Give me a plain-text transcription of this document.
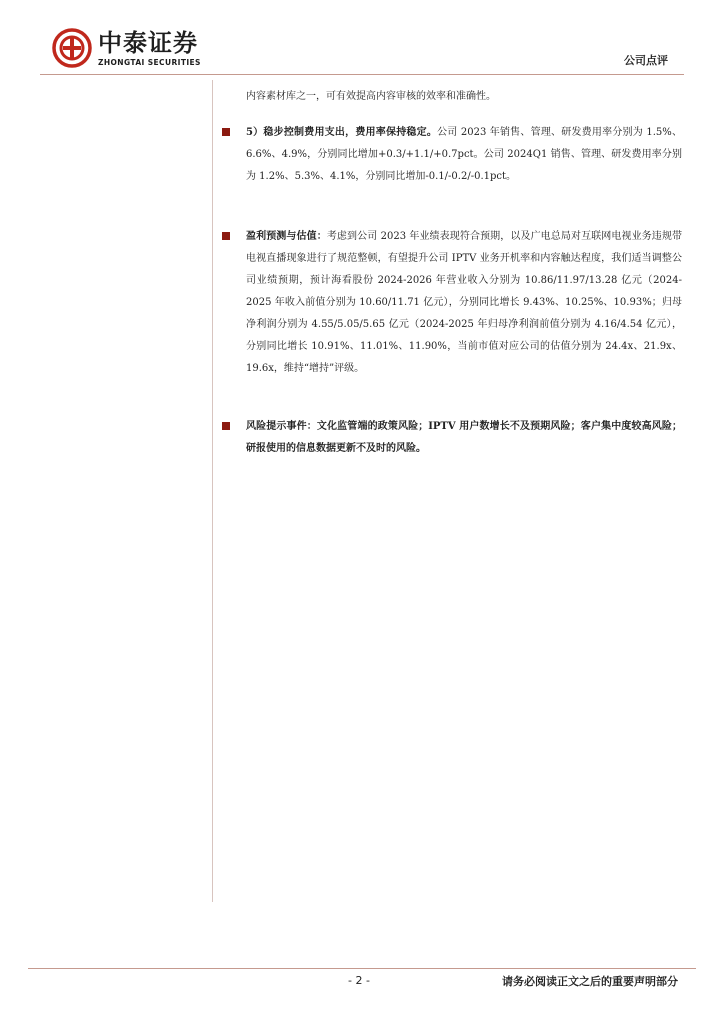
中泰证券
ZHONGTAI SECURITIES	公司点评

内容素材库之一，可有效提高内容审核的效率和准确性。

5）稳步控制费用支出，费用率保持稳定。公司 2023 年销售、管理、研发费用率分别为 1.5%、6.6%、4.9%，分别同比增加+0.3/+1.1/+0.7pct。公司 2024Q1 销售、管理、研发费用率分别为 1.2%、5.3%、4.1%，分别同比增加-0.1/-0.2/-0.1pct。
盈利预测与估值：考虑到公司 2023 年业绩表现符合预期，以及广电总局对互联网电视业务违规带电视直播现象进行了规范整顿，有望提升公司 IPTV 业务开机率和内容触达程度，我们适当调整公司业绩预期，预计海看股份 2024-2026 年营业收入分别为 10.86/11.97/13.28 亿元（2024-2025 年收入前值分别为 10.60/11.71 亿元），分别同比增长 9.43%、10.25%、10.93%；归母净利润分别为 4.55/5.05/5.65 亿元（2024-2025 年归母净利润前值分别为 4.16/4.54 亿元），分别同比增长 10.91%、11.01%、11.90%，当前市值对应公司的估值分别为 24.4x、21.9x、19.6x，维持“增持”评级。
风险提示事件：文化监管端的政策风险；IPTV 用户数增长不及预期风险；客户集中度较高风险；研报使用的信息数据更新不及时的风险。
- 2 -	请务必阅读正文之后的重要声明部分
